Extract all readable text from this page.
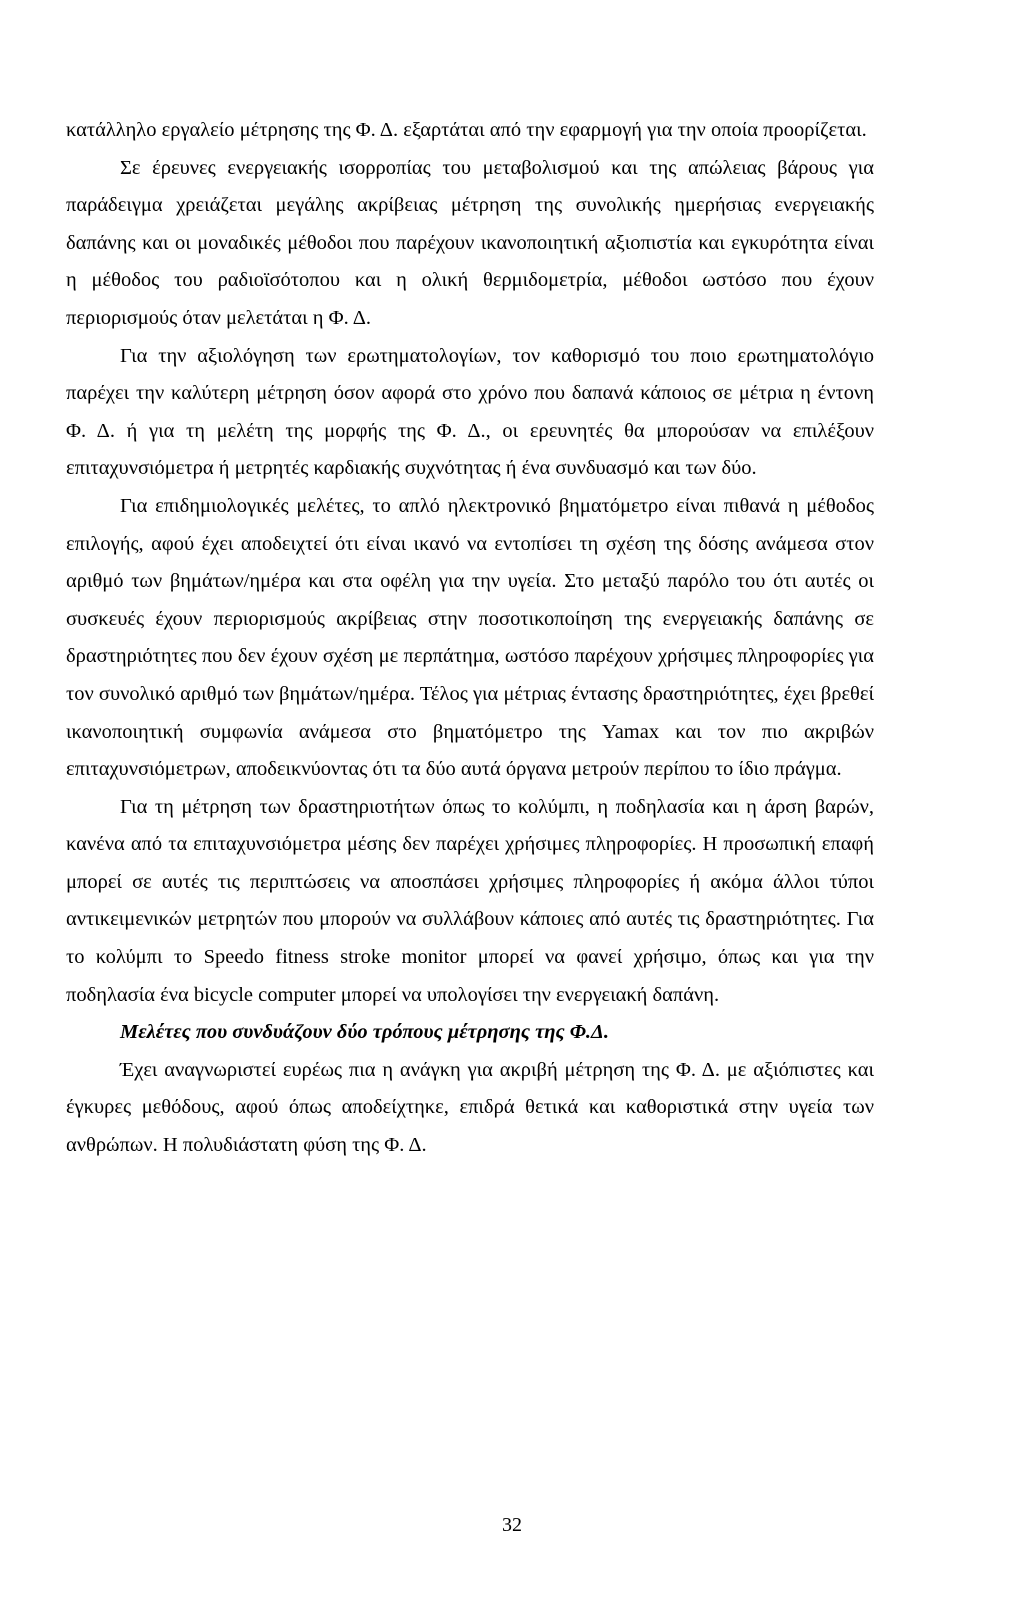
κατάλληλο εργαλείο μέτρησης της Φ. Δ. εξαρτάται από την εφαρμογή για την οποία προορίζεται.

Σε έρευνες ενεργειακής ισορροπίας του μεταβολισμού και της απώλειας βάρους για παράδειγμα χρειάζεται μεγάλης ακρίβειας μέτρηση της συνολικής ημερήσιας ενεργειακής δαπάνης και οι μοναδικές μέθοδοι που παρέχουν ικανοποιητική αξιοπιστία και εγκυρότητα είναι η μέθοδος του ραδιοϊσότοπου και η ολική θερμιδομετρία, μέθοδοι ωστόσο που έχουν περιορισμούς όταν μελετάται η Φ. Δ.

Για την αξιολόγηση των ερωτηματολογίων, τον καθορισμό του ποιο ερωτηματολόγιο παρέχει την καλύτερη μέτρηση όσον αφορά στο χρόνο που δαπανά κάποιος σε μέτρια η έντονη Φ. Δ. ή για τη μελέτη της μορφής της Φ. Δ., οι ερευνητές θα μπορούσαν να επιλέξουν επιταχυνσιόμετρα ή μετρητές καρδιακής συχνότητας ή ένα συνδυασμό και των δύο.

Για επιδημιολογικές μελέτες, το απλό ηλεκτρονικό βηματόμετρο είναι πιθανά η μέθοδος επιλογής, αφού έχει αποδειχτεί ότι είναι ικανό να εντοπίσει τη σχέση της δόσης ανάμεσα στον αριθμό των βημάτων/ημέρα και στα οφέλη για την υγεία. Στο μεταξύ παρόλο του ότι αυτές οι συσκευές έχουν περιορισμούς ακρίβειας στην ποσοτικοποίηση της ενεργειακής δαπάνης σε δραστηριότητες που δεν έχουν σχέση με περπάτημα, ωστόσο παρέχουν χρήσιμες πληροφορίες για τον συνολικό αριθμό των βημάτων/ημέρα. Τέλος για μέτριας έντασης δραστηριότητες, έχει βρεθεί ικανοποιητική συμφωνία ανάμεσα στο βηματόμετρο της Yamax και τον πιο ακριβών επιταχυνσιόμετρων, αποδεικνύοντας ότι τα δύο αυτά όργανα μετρούν περίπου το ίδιο πράγμα.

Για τη μέτρηση των δραστηριοτήτων όπως το κολύμπι, η ποδηλασία και η άρση βαρών, κανένα από τα επιταχυνσιόμετρα μέσης δεν παρέχει χρήσιμες πληροφορίες. Η προσωπική επαφή μπορεί σε αυτές τις περιπτώσεις να αποσπάσει χρήσιμες πληροφορίες ή ακόμα άλλοι τύποι αντικειμενικών μετρητών που μπορούν να συλλάβουν κάποιες από αυτές τις δραστηριότητες. Για το κολύμπι το Speedo fitness stroke monitor μπορεί να φανεί χρήσιμο, όπως και για την ποδηλασία ένα bicycle computer μπορεί να υπολογίσει την ενεργειακή δαπάνη.

Μελέτες που συνδυάζουν δύο τρόπους μέτρησης της Φ.Δ.

Έχει αναγνωριστεί ευρέως πια η ανάγκη για ακριβή μέτρηση της Φ. Δ. με αξιόπιστες και έγκυρες μεθόδους, αφού όπως αποδείχτηκε, επιδρά θετικά και καθοριστικά στην υγεία των ανθρώπων. Η πολυδιάστατη φύση της Φ. Δ.

32
